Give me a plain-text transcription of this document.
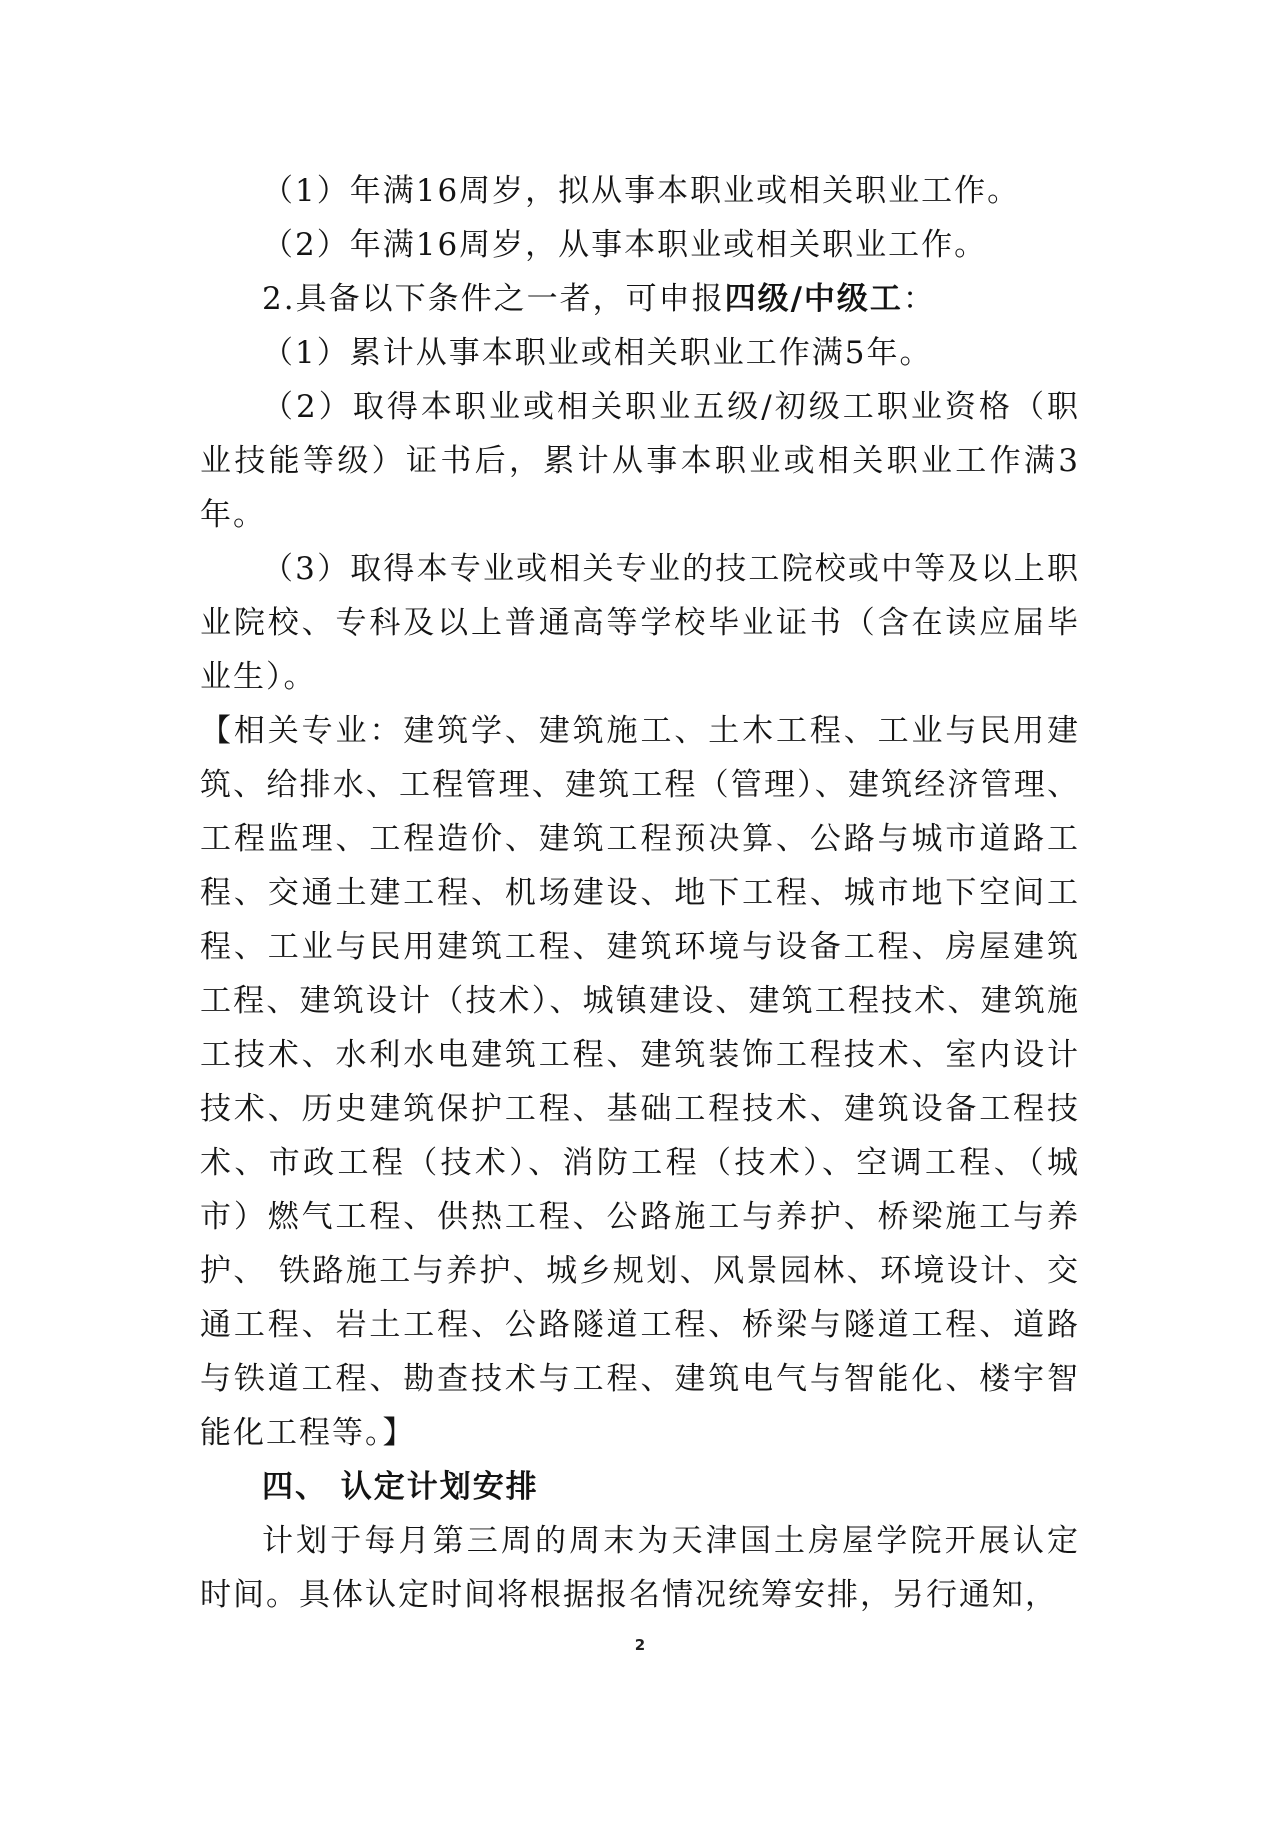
（1）年满16周岁，拟从事本职业或相关职业工作。

（2）年满16周岁，从事本职业或相关职业工作。

2.具备以下条件之一者，可申报四级/中级工：

（1）累计从事本职业或相关职业工作满5年。

（2）取得本职业或相关职业五级/初级工职业资格（职业技能等级）证书后，累计从事本职业或相关职业工作满3年。

（3）取得本专业或相关专业的技工院校或中等及以上职业院校、专科及以上普通高等学校毕业证书（含在读应届毕业生）。

【相关专业：建筑学、建筑施工、土木工程、工业与民用建筑、给排水、工程管理、建筑工程（管理）、建筑经济管理、工程监理、工程造价、建筑工程预决算、公路与城市道路工程、交通土建工程、机场建设、地下工程、城市地下空间工程、工业与民用建筑工程、建筑环境与设备工程、房屋建筑工程、建筑设计（技术）、城镇建设、建筑工程技术、建筑施工技术、水利水电建筑工程、建筑装饰工程技术、室内设计技术、历史建筑保护工程、基础工程技术、建筑设备工程技术、市政工程（技术）、消防工程（技术）、空调工程、（城市）燃气工程、供热工程、公路施工与养护、桥梁施工与养护、 铁路施工与养护、城乡规划、风景园林、环境设计、交通工程、岩土工程、公路隧道工程、桥梁与隧道工程、道路与铁道工程、勘查技术与工程、建筑电气与智能化、楼宇智能化工程等。】

四、 认定计划安排

计划于每月第三周的周末为天津国土房屋学院开展认定时间。具体认定时间将根据报名情况统筹安排，另行通知，

2
